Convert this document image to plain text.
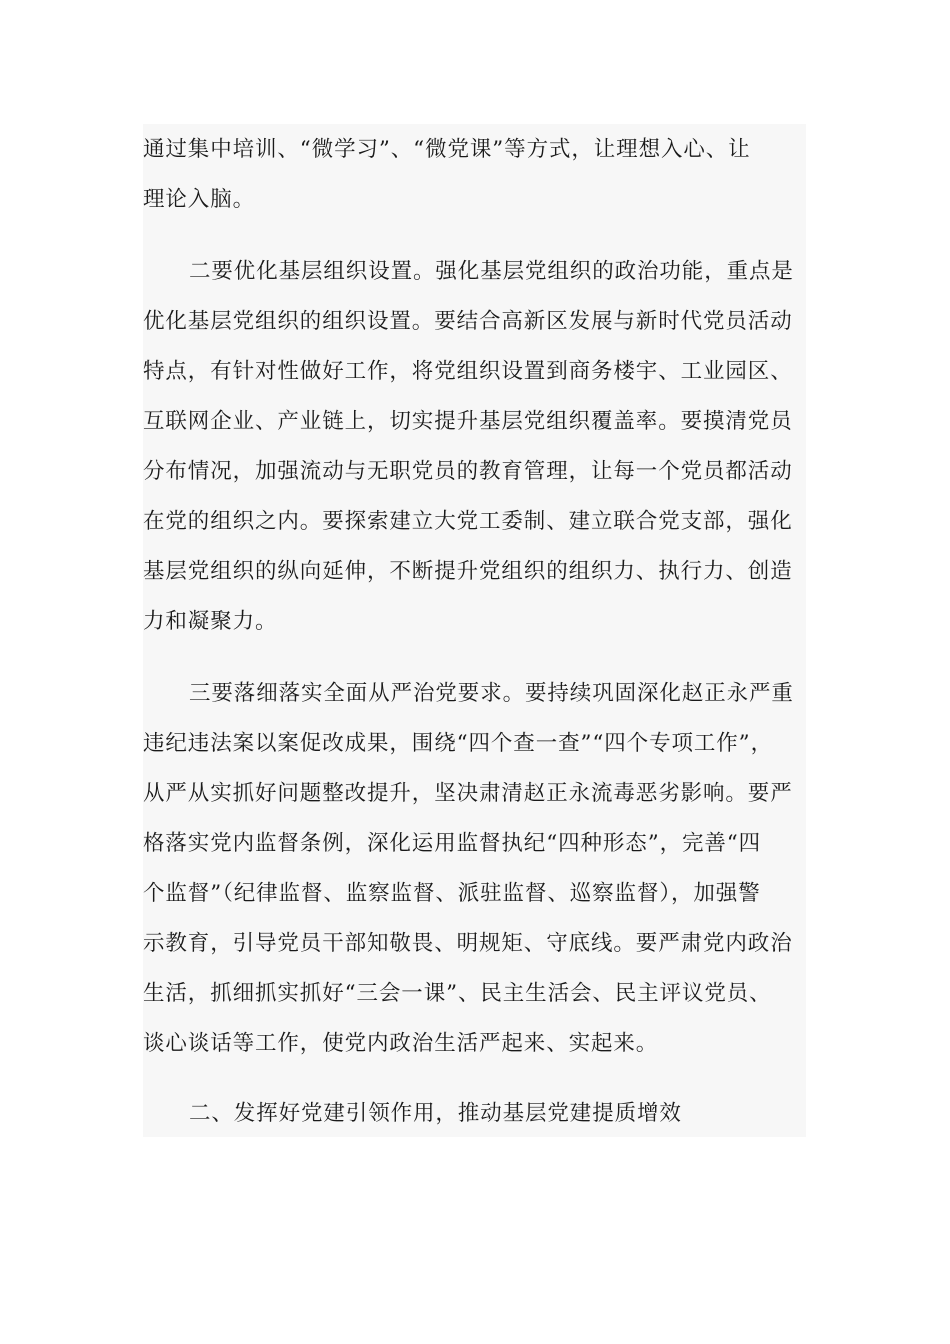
通过集中培训、“微学习”、“微党课”等方式，让理想入心、让
理论入脑。
二要优化基层组织设置。强化基层党组织的政治功能，重点是
优化基层党组织的组织设置。要结合高新区发展与新时代党员活动
特点，有针对性做好工作，将党组织设置到商务楼宇、工业园区、
互联网企业、产业链上，切实提升基层党组织覆盖率。要摸清党员
分布情况，加强流动与无职党员的教育管理，让每一个党员都活动
在党的组织之内。要探索建立大党工委制、建立联合党支部，强化
基层党组织的纵向延伸，不断提升党组织的组织力、执行力、创造
力和凝聚力。
三要落细落实全面从严治党要求。要持续巩固深化赵正永严重
违纪违法案以案促改成果，围绕“四个查一查”“四个专项工作”，
从严从实抓好问题整改提升，坚决肃清赵正永流毒恶劣影响。要严
格落实党内监督条例，深化运用监督执纪“四种形态”，完善“四
个监督”（纪律监督、监察监督、派驻监督、巡察监督），加强警
示教育，引导党员干部知敬畏、明规矩、守底线。要严肃党内政治
生活，抓细抓实抓好“三会一课”、民主生活会、民主评议党员、
谈心谈话等工作，使党内政治生活严起来、实起来。
二、发挥好党建引领作用，推动基层党建提质增效
